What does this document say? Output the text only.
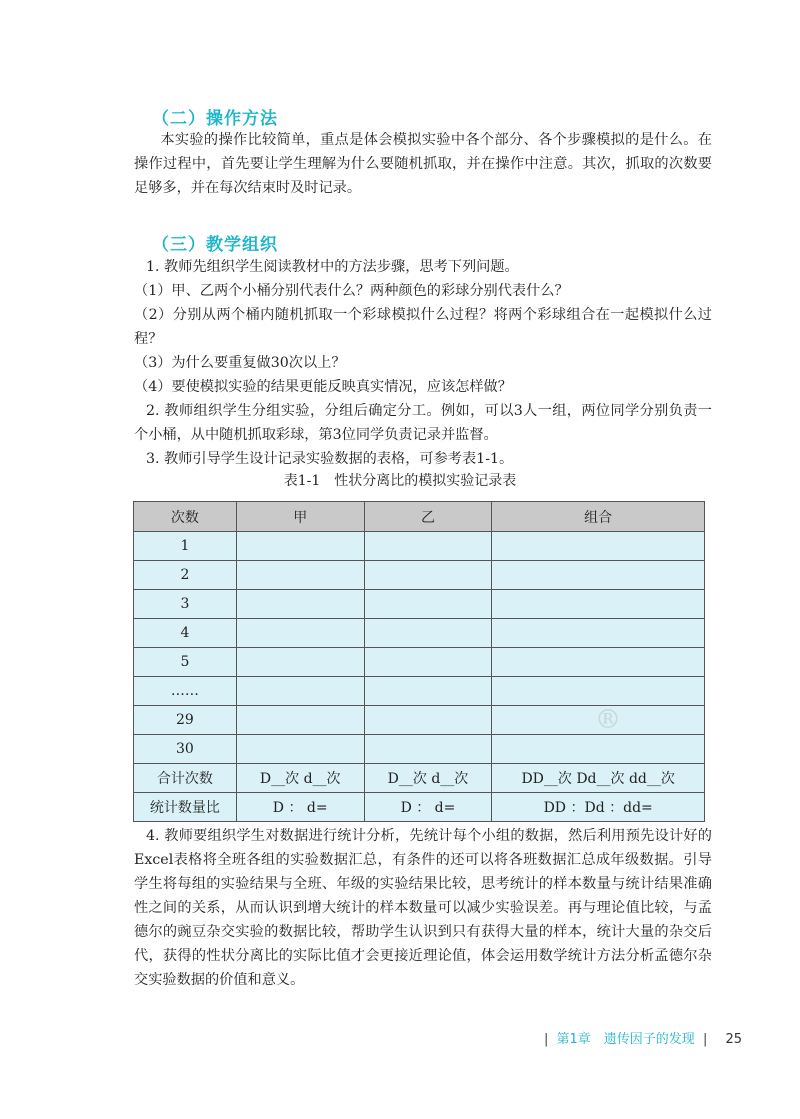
（二）操作方法
本实验的操作比较简单，重点是体会模拟实验中各个部分、各个步骤模拟的是什么。在操作过程中，首先要让学生理解为什么要随机抓取，并在操作中注意。其次，抓取的次数要足够多，并在每次结束时及时记录。
（三）教学组织
1. 教师先组织学生阅读教材中的方法步骤，思考下列问题。
（1）甲、乙两个小桶分别代表什么？两种颜色的彩球分别代表什么？
（2）分别从两个桶内随机抓取一个彩球模拟什么过程？将两个彩球组合在一起模拟什么过程？
（3）为什么要重复做30次以上？
（4）要使模拟实验的结果更能反映真实情况，应该怎样做？
2. 教师组织学生分组实验，分组后确定分工。例如，可以3人一组，两位同学分别负责一个小桶，从中随机抓取彩球，第3位同学负责记录并监督。
3. 教师引导学生设计记录实验数据的表格，可参考表1-1。
表1-1　性状分离比的模拟实验记录表
次数	甲	乙	组合
1			
2			
3			
4			
5			
……			
29			
30			
合计次数	D__次 d__次	D__次 d__次	DD__次 Dd__次 dd__次
统计数量比	D ： d=	D ： d=	DD ：Dd ：dd=
®
4. 教师要组织学生对数据进行统计分析，先统计每个小组的数据，然后利用预先设计好的Excel表格将全班各组的实验数据汇总，有条件的还可以将各班数据汇总成年级数据。引导学生将每组的实验结果与全班、年级的实验结果比较，思考统计的样本数量与统计结果准确性之间的关系，从而认识到增大统计的样本数量可以减少实验误差。再与理论值比较，与孟德尔的豌豆杂交实验的数据比较，帮助学生认识到只有获得大量的样本，统计大量的杂交后代，获得的性状分离比的实际比值才会更接近理论值，体会运用数学统计方法分析孟德尔杂交实验数据的价值和意义。
| 第1章　遗传因子的发现 | 25
